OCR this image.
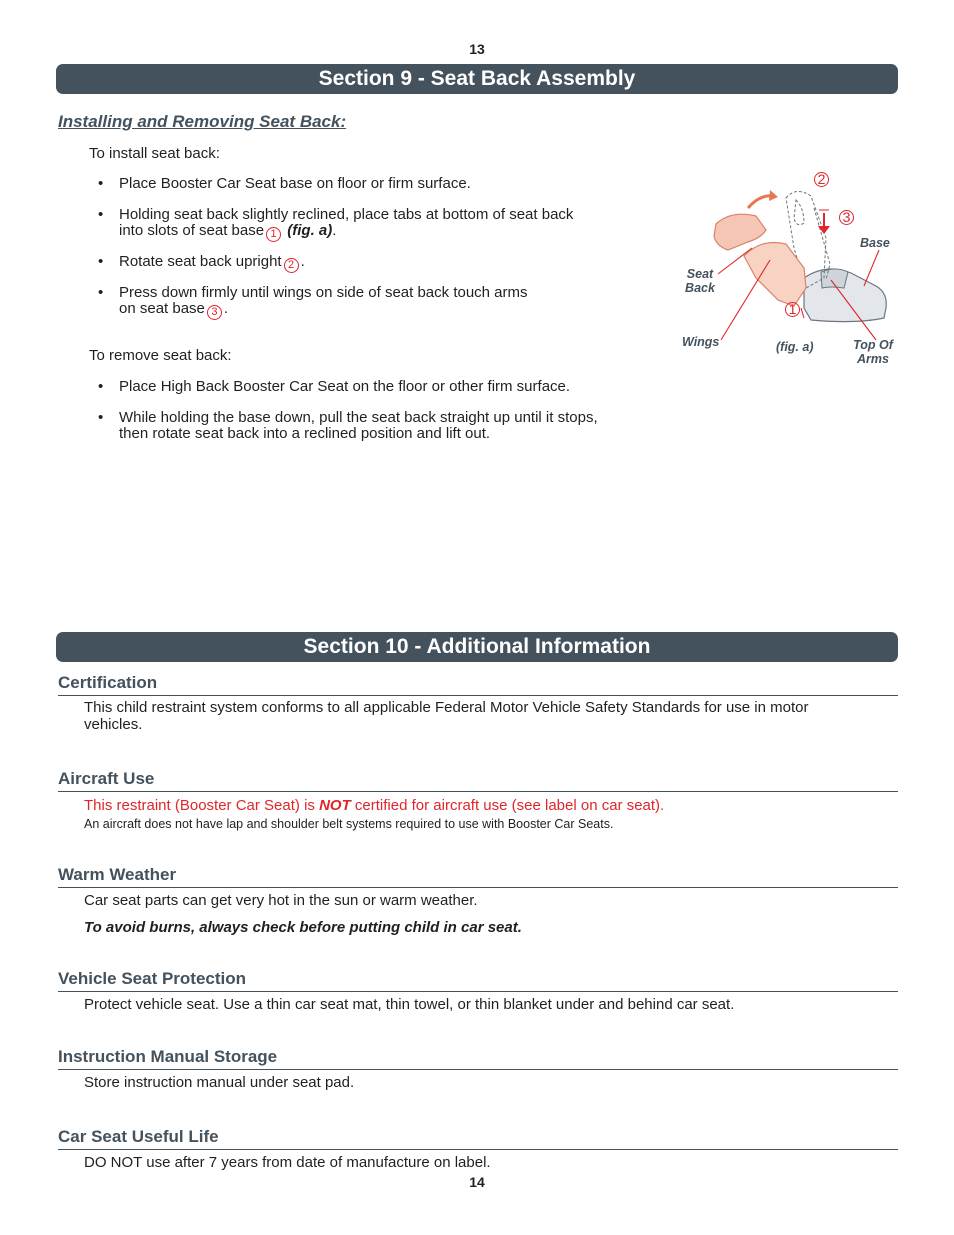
13
Section 9 - Seat Back Assembly
Installing and Removing Seat Back:
To install seat back:
• Place Booster Car Seat base on floor or firm surface.
• Holding seat back slightly reclined, place tabs at bottom of seat back
into slots of seat base 1 (fig. a).
• Rotate seat back upright 2 .
• Press down firmly until wings on side of seat back touch arms
on seat base 3 .
To remove seat back:
• Place High Back Booster Car Seat on the floor or other firm surface.
• While holding the base down, pull the seat back straight up until it stops,
then rotate seat back into a reclined position and lift out.
2
3
1
Base
Seat
Back
Wings	(fig. a)	Top Of
Arms
Section 10 - Additional Information
Certification
This child restraint system conforms to all applicable Federal Motor Vehicle Safety Standards for use in motor
vehicles.
Aircraft Use
This restraint (Booster Car Seat) is NOT certified for aircraft use (see label on car seat).
An aircraft does not have lap and shoulder belt systems required to use with Booster Car Seats.
Warm Weather
Car seat parts can get very hot in the sun or warm weather.
To avoid burns, always check before putting child in car seat.
Vehicle Seat Protection
Protect vehicle seat. Use a thin car seat mat, thin towel, or thin blanket under and behind car seat.
Instruction Manual Storage
Store instruction manual under seat pad.
Car Seat Useful Life
DO NOT use after 7 years from date of manufacture on label.
14
